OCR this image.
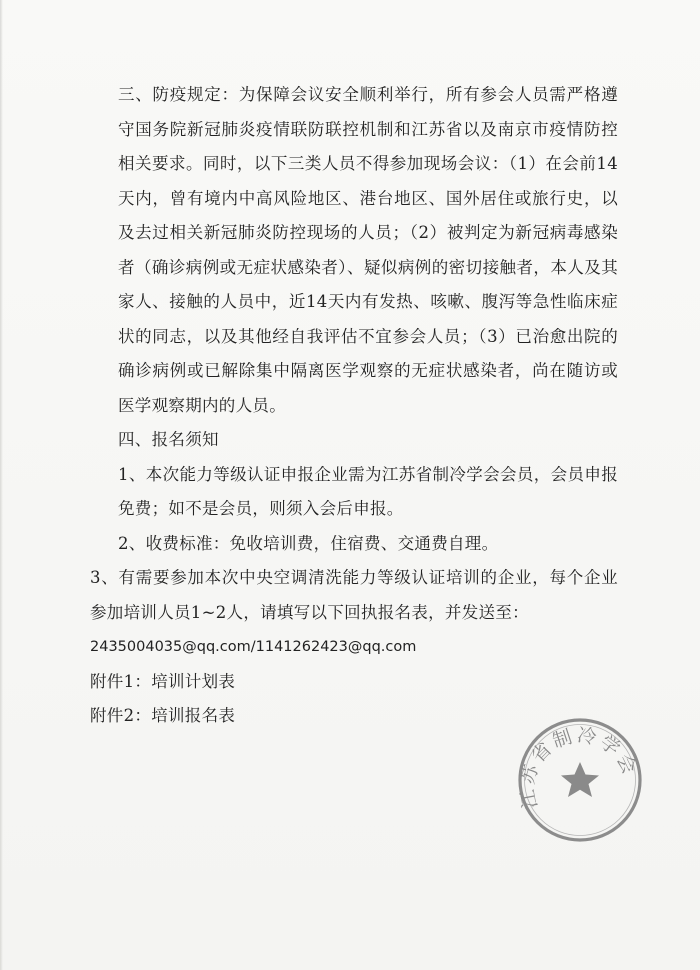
三、防疫规定：为保障会议安全顺利举行，所有参会人员需严格遵守国务院新冠肺炎疫情联防联控机制和江苏省以及南京市疫情防控相关要求。同时，以下三类人员不得参加现场会议：（1）在会前14天内，曾有境内中高风险地区、港台地区、国外居住或旅行史，以及去过相关新冠肺炎防控现场的人员；（2）被判定为新冠病毒感染者（确诊病例或无症状感染者）、疑似病例的密切接触者，本人及其家人、接触的人员中，近14天内有发热、咳嗽、腹泻等急性临床症状的同志，以及其他经自我评估不宜参会人员；（3）已治愈出院的确诊病例或已解除集中隔离医学观察的无症状感染者，尚在随访或医学观察期内的人员。

四、报名须知

1、本次能力等级认证申报企业需为江苏省制冷学会会员，会员申报免费；如不是会员，则须入会后申报。

2、收费标准：免收培训费，住宿费、交通费自理。

3、有需要参加本次中央空调清洗能力等级认证培训的企业，每个企业参加培训人员1~2人，请填写以下回执报名表，并发送至：

2435004035@qq.com/1141262423@qq.com

附件1：培训计划表

附件2：培训报名表

江苏省制冷学会
